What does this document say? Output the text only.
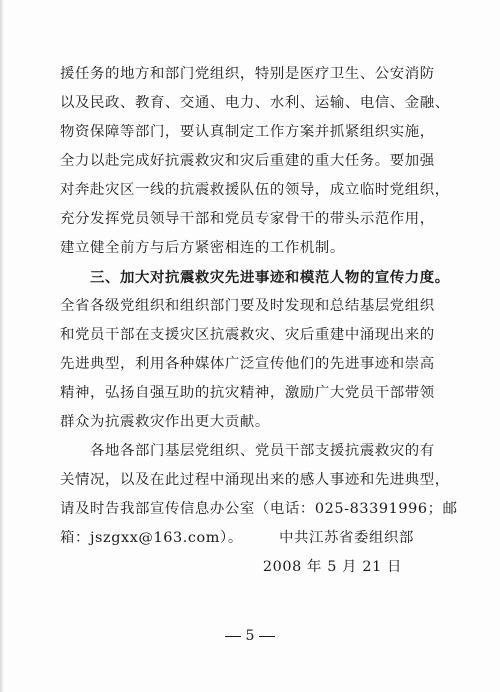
援任务的地方和部门党组织，特别是医疗卫生、公安消防
以及民政、教育、交通、电力、水利、运输、电信、金融、
物资保障等部门，要认真制定工作方案并抓紧组织实施，
全力以赴完成好抗震救灾和灾后重建的重大任务。要加强
对奔赴灾区一线的抗震救援队伍的领导，成立临时党组织，
充分发挥党员领导干部和党员专家骨干的带头示范作用，
建立健全前方与后方紧密相连的工作机制。
三、加大对抗震救灾先进事迹和模范人物的宣传力度。
全省各级党组织和组织部门要及时发现和总结基层党组织
和党员干部在支援灾区抗震救灾、灾后重建中涌现出来的
先进典型，利用各种媒体广泛宣传他们的先进事迹和崇高
精神，弘扬自强互助的抗灾精神，激励广大党员干部带领
群众为抗震救灾作出更大贡献。
各地各部门基层党组织、党员干部支援抗震救灾的有
关情况，以及在此过程中涌现出来的感人事迹和先进典型，
请及时告我部宣传信息办公室（电话：025-83391996；邮
箱：jszgxx@163.com）。	中共江苏省委组织部
2008 年 5 月 21 日
5
